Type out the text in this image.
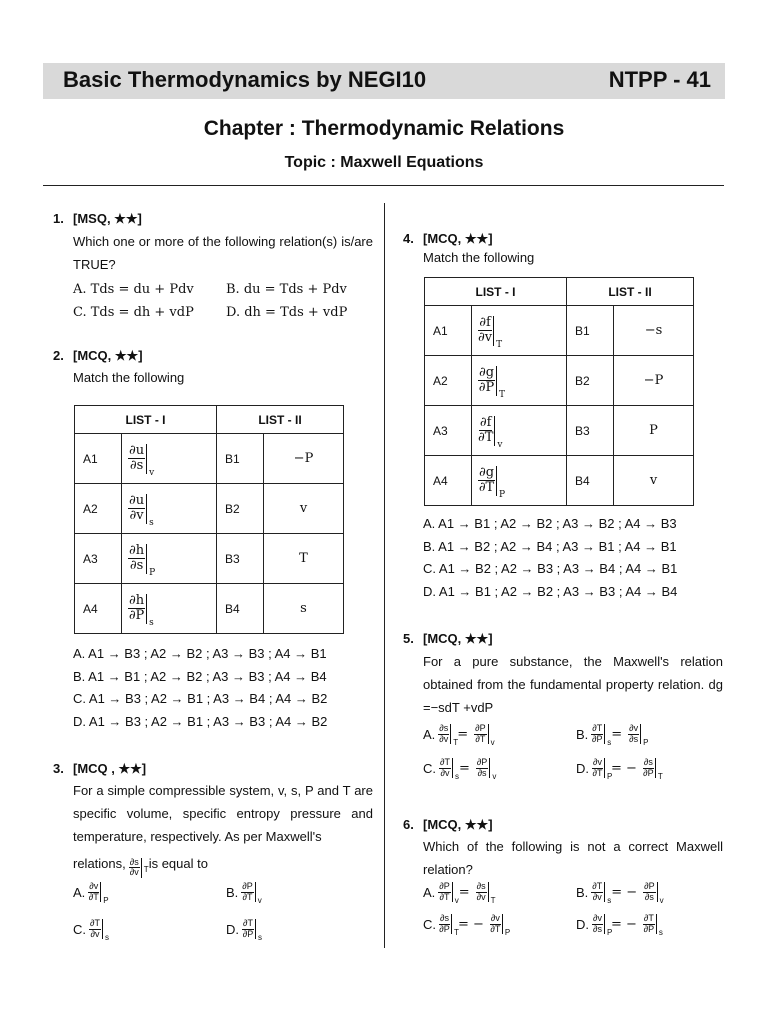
Basic Thermodynamics by NEGI10	NTPP - 41
Chapter : Thermodynamic Relations
Topic : Maxwell Equations
1. [MSQ, ★★]
Which one or more of the following relation(s) is/are TRUE?
A. Tds = du + Pdv B. du = Tds + Pdv
C. Tds = dh + vdP D. dh = Tds + vdP
2. [MCQ, ★★]
Match the following
LIST - I		LIST - II	
A1	$\frac{\partial u}{\partial s}$ v	B1	−P
A2	$\frac{\partial u}{\partial v}$ s	B2	v
A3	$\frac{\partial h}{\partial s}$ P	B3	T
A4	$\frac{\partial h}{\partial P}$ s	B4	s
A. A1 → B3 ; A2 → B2 ; A3 → B3 ; A4 → B1
B. A1 → B1 ; A2 → B2 ; A3 → B3 ; A4 → B4
C. A1 → B3 ; A2 → B1 ; A3 → B4 ; A4 → B2
D. A1 → B3 ; A2 → B1 ; A3 → B3 ; A4 → B2
3. [MCQ , ★★]
For a simple compressible system, v, s, P and T are specific volume, specific entropy pressure and temperature, respectively. As per Maxwell's
relations, $\frac{\partial s}{\partial v}$ T is equal to
A. $\frac{\partial v}{\partial T}$ P
B. $\frac{\partial P}{\partial T}$ v
C. $\frac{\partial T}{\partial v}$ s
D. $\frac{\partial T}{\partial P}$ s
4. [MCQ, ★★]
Match the following
LIST - I		LIST - II	
A1	$\frac{\partial f}{\partial v}$ T	B1	−s
A2	$\frac{\partial g}{\partial P}$ T	B2	−P
A3	$\frac{\partial f}{\partial T}$ v	B3	P
A4	$\frac{\partial g}{\partial T}$ P	B4	v
A. A1 → B1 ; A2 → B2 ; A3 → B2 ; A4 → B3
B. A1 → B2 ; A2 → B4 ; A3 → B1 ; A4 → B1
C. A1 → B2 ; A2 → B3 ; A3 → B4 ; A4 → B1
D. A1 → B1 ; A2 → B2 ; A3 → B3 ; A4 → B4
5. [MCQ, ★★]
For a pure substance, the Maxwell's relation obtained from the fundamental property relation. dg =−sdT +vdP
A. $\frac{\partial s}{\partial v}$ T
= $\frac{\partial P}{\partial T}$ v
B. $\frac{\partial T}{\partial P}$ s
= $\frac{\partial v}{\partial s}$ P
C. $\frac{\partial T}{\partial v}$ s
= $\frac{\partial P}{\partial s}$ v
D. $\frac{\partial v}{\partial T}$ P
= − $\frac{\partial s}{\partial P}$ T
6. [MCQ, ★★]
Which of the following is not a correct Maxwell relation?
A. $\frac{\partial P}{\partial T}$ v
= $\frac{\partial s}{\partial v}$ T
B. $\frac{\partial T}{\partial v}$ s
= − $\frac{\partial P}{\partial s}$ v
C. $\frac{\partial s}{\partial P}$ T
= − $\frac{\partial v}{\partial T}$ P
D. $\frac{\partial v}{\partial s}$ P
= − $\frac{\partial T}{\partial P}$ s
